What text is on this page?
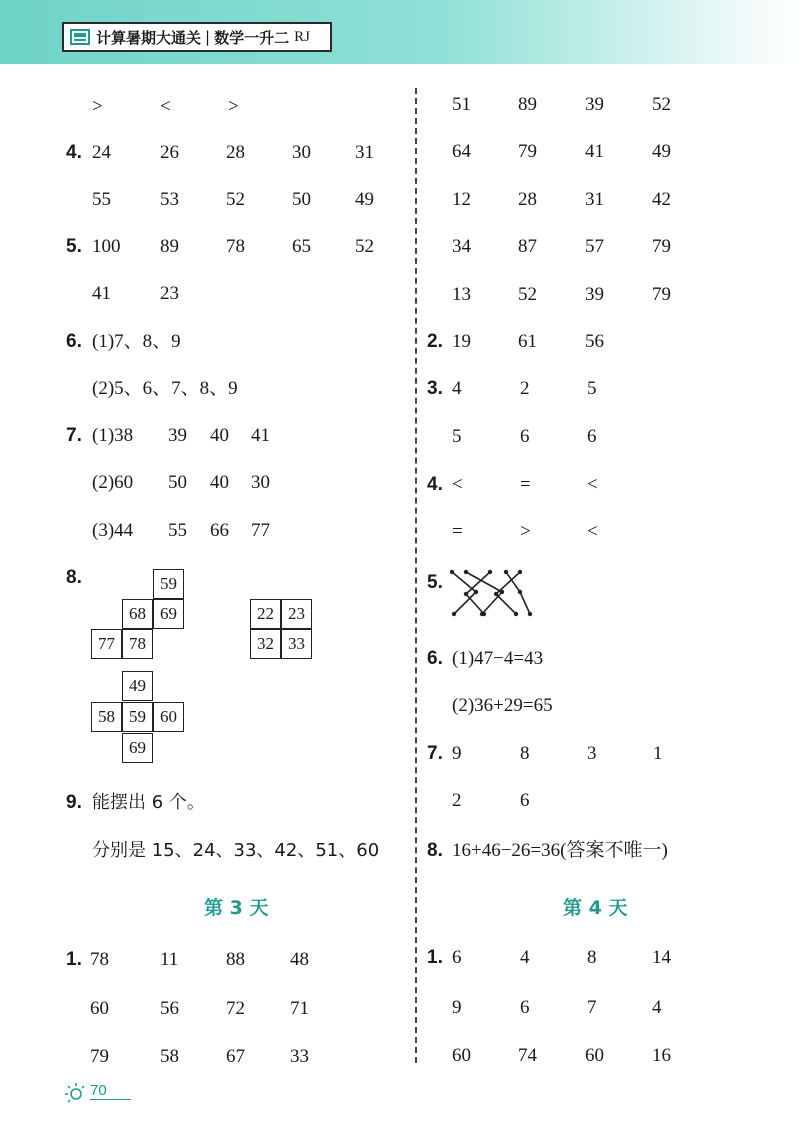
计算暑期大通关 | 数学一升二 RJ
>	<	>
4. 24	26 28 30 31
55	53 52 50 49
5. 100 89 78 65 52
41	23
6. (1)7、8、9
(2)5、6、7、8、9
7. (1)38 39 40 41
(2)60 50 40 30
(3)44 55 66 77
8.	59
68 69
77 78
22 23
32 33
49
58 59 60
69
9. 能摆出 6 个。
分别是 15、24、33、42、51、60
第 3 天
1. 78	11	88 48
60	56 72 71
79	58 67 33
51 89	39	52
64 79	41	49
12 28	31	42
34 87	57	79
13 52	39	79
2. 19 61	56
3. 4	2	5
5	6	6
4. <	=	<
=	>	<
5.
6. (1)47−4=43
(2)36+29=65
7. 9	8	3	1
2	6
8. 16+46−26=36(答案不唯一)
第 4 天
1. 6	4	8	14
9	6	7	4
60 74	60	16
70
